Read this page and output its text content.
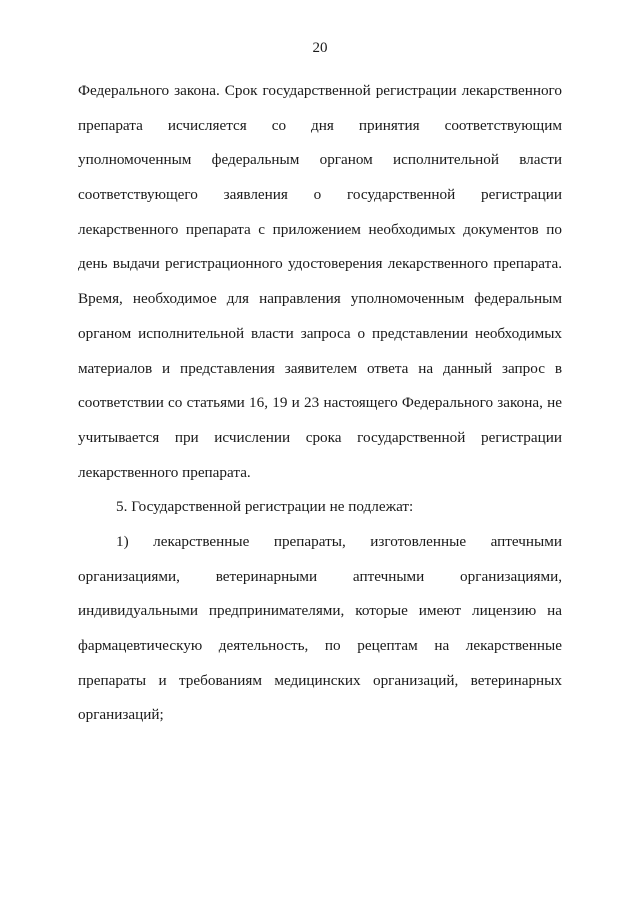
20
Федерального закона. Срок государственной регистрации лекарственного
препарата исчисляется со дня принятия соответствующим
уполномоченным федеральным органом исполнительной власти
соответствующего заявления о государственной регистрации
лекарственного препарата с приложением необходимых документов по
день выдачи регистрационного удостоверения лекарственного препарата.
Время, необходимое для направления уполномоченным федеральным
органом исполнительной власти запроса о представлении необходимых
материалов и представления заявителем ответа на данный запрос в
соответствии со статьями 16, 19 и 23 настоящего Федерального закона, не
учитывается при исчислении срока государственной регистрации
лекарственного препарата.
5. Государственной регистрации не подлежат:
1) лекарственные препараты, изготовленные аптечными
организациями, ветеринарными аптечными организациями,
индивидуальными предпринимателями, которые имеют лицензию на
фармацевтическую деятельность, по рецептам на лекарственные
препараты и требованиям медицинских организаций, ветеринарных
организаций;
